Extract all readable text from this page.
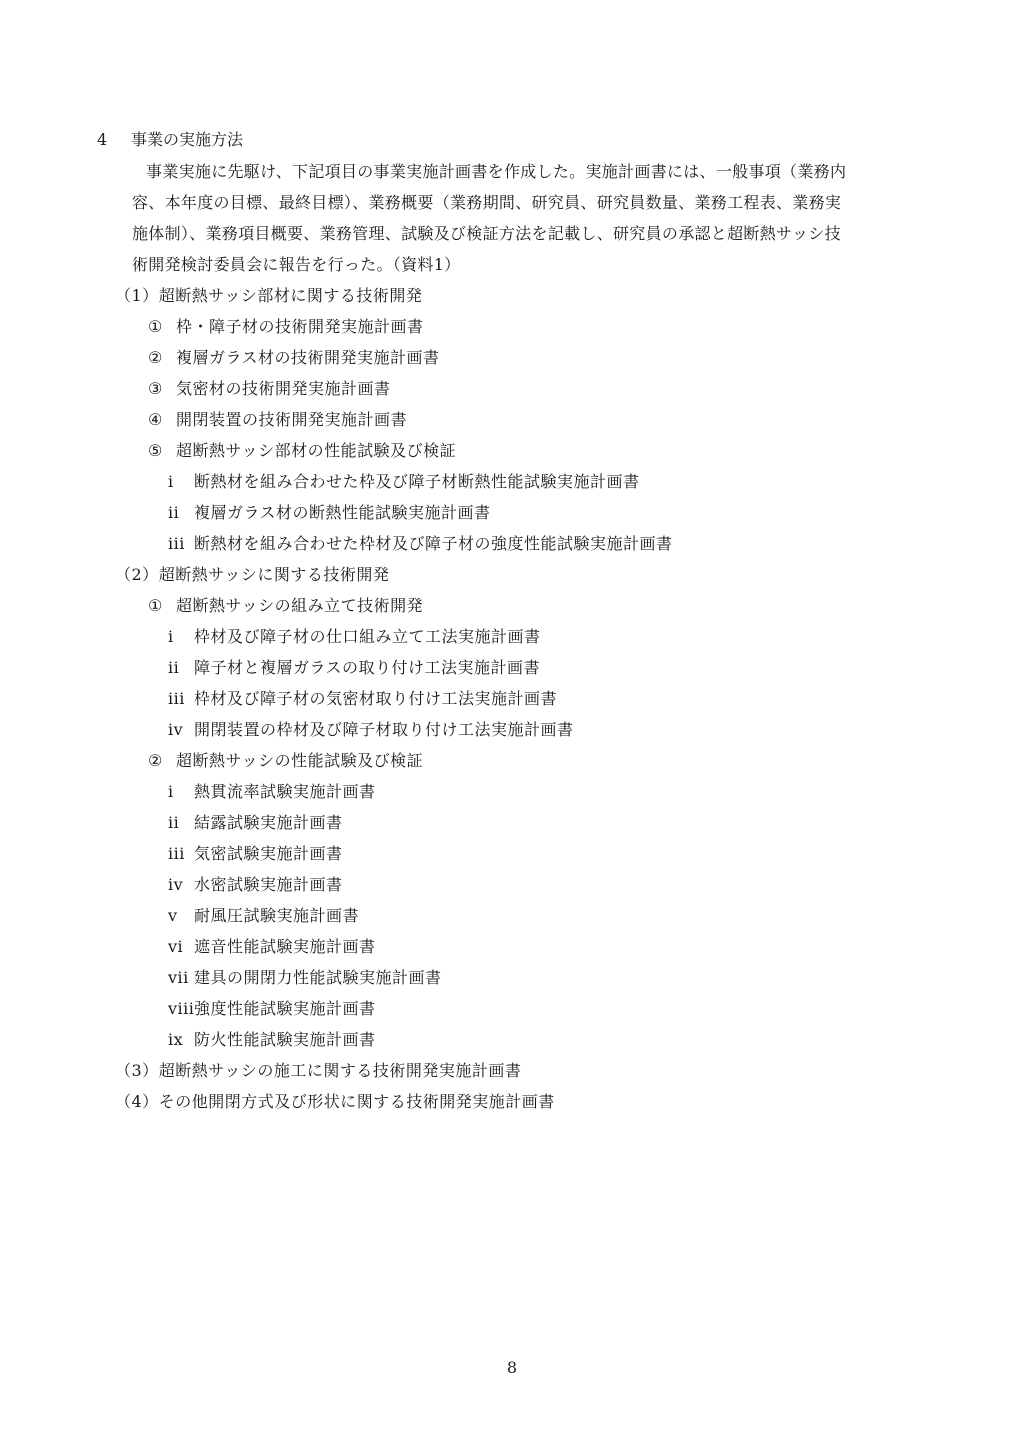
4 事業の実施方法
事業実施に先駆け、下記項目の事業実施計画書を作成した。実施計画書には、一般事項（業務内
容、本年度の目標、最終目標）、業務概要（業務期間、研究員、研究員数量、業務工程表、業務実
施体制）、業務項目概要、業務管理、試験及び検証方法を記載し、研究員の承認と超断熱サッシ技
術開発検討委員会に報告を行った。（資料1）
（1）超断熱サッシ部材に関する技術開発
① 枠・障子材の技術開発実施計画書
② 複層ガラス材の技術開発実施計画書
③ 気密材の技術開発実施計画書
④ 開閉装置の技術開発実施計画書
⑤ 超断熱サッシ部材の性能試験及び検証
i 断熱材を組み合わせた枠及び障子材断熱性能試験実施計画書
ii 複層ガラス材の断熱性能試験実施計画書
iii 断熱材を組み合わせた枠材及び障子材の強度性能試験実施計画書
（2）超断熱サッシに関する技術開発
① 超断熱サッシの組み立て技術開発
i 枠材及び障子材の仕口組み立て工法実施計画書
ii 障子材と複層ガラスの取り付け工法実施計画書
iii 枠材及び障子材の気密材取り付け工法実施計画書
iv 開閉装置の枠材及び障子材取り付け工法実施計画書
② 超断熱サッシの性能試験及び検証
i 熱貫流率試験実施計画書
ii 結露試験実施計画書
iii 気密試験実施計画書
iv 水密試験実施計画書
v 耐風圧試験実施計画書
vi 遮音性能試験実施計画書
vii 建具の開閉力性能試験実施計画書
viii強度性能試験実施計画書
ix 防火性能試験実施計画書
（3）超断熱サッシの施工に関する技術開発実施計画書
（4）その他開閉方式及び形状に関する技術開発実施計画書
8
